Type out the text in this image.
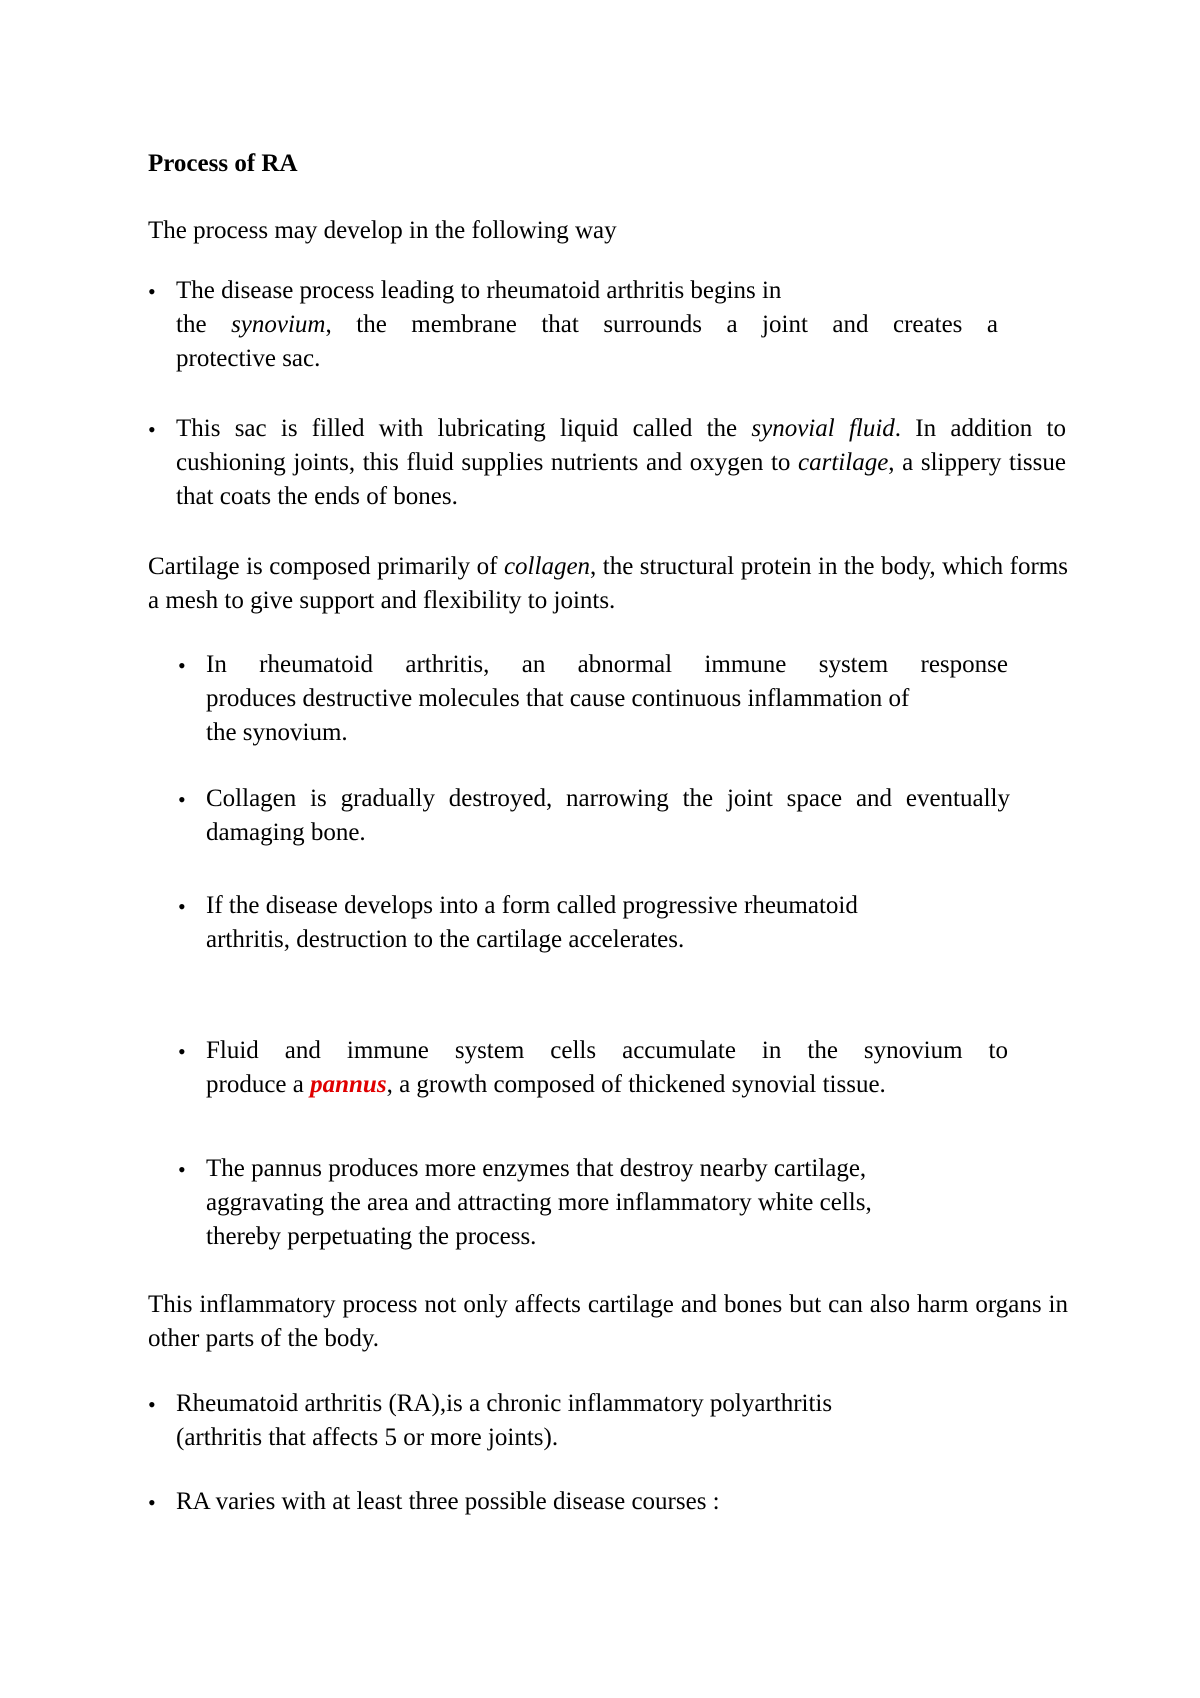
Process of RA

The process may develop in the following way

• The disease process leading to rheumatoid arthritis begins in
the synovium, the membrane that surrounds a joint and creates a
protective sac.
• This sac is filled with lubricating liquid called the synovial fluid. In addition to cushioning joints, this fluid supplies nutrients and oxygen to cartilage, a slippery tissue that coats the ends of bones.

Cartilage is composed primarily of collagen, the structural protein in the body, which forms a mesh to give support and flexibility to joints.

• In rheumatoid arthritis, an abnormal immune system response
produces destructive molecules that cause continuous inflammation of
the synovium.
• Collagen is gradually destroyed, narrowing the joint space and eventually damaging bone.

• If the disease develops into a form called progressive rheumatoid
arthritis, destruction to the cartilage accelerates.
• Fluid and immune system cells accumulate in the synovium to
produce a pannus, a growth composed of thickened synovial tissue.
• The pannus produces more enzymes that destroy nearby cartilage,
aggravating the area and attracting more inflammatory white cells,
thereby perpetuating the process.

This inflammatory process not only affects cartilage and bones but can also harm organs in other parts of the body.

• Rheumatoid arthritis (RA),is a chronic inflammatory polyarthritis
(arthritis that affects 5 or more joints).
• RA varies with at least three possible disease courses :
